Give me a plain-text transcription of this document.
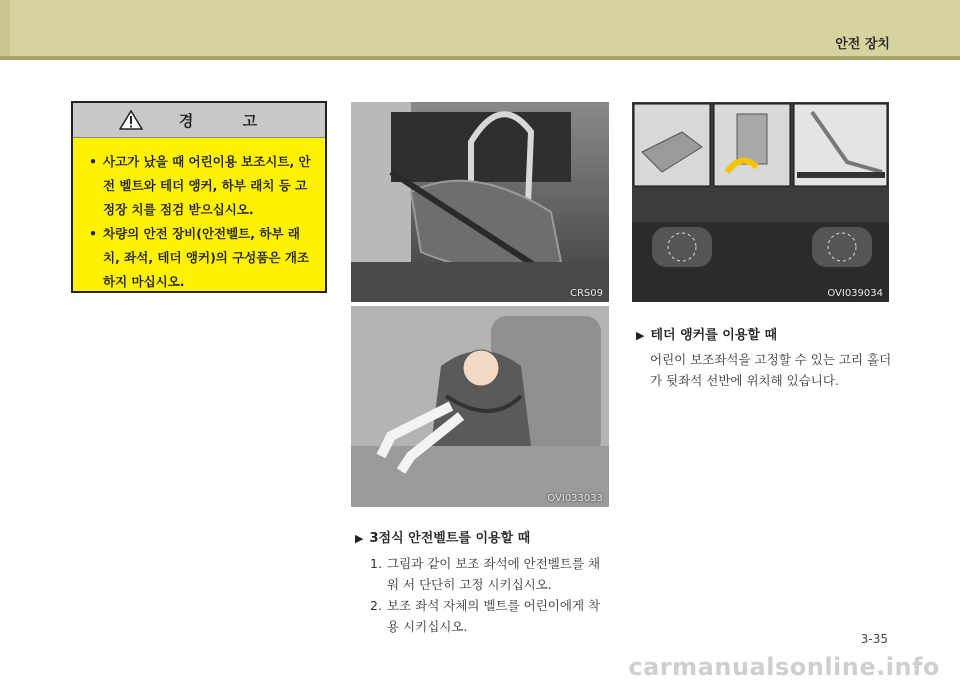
안전 장치
경 고
• 사고가 났을 때 어린이용 보조시트, 안전 벨트와 테더 앵커, 하부 래치 등 고정장 치를 점검 받으십시오.
• 차량의 안전 장비(안전벨트, 하부 래치, 좌석, 테더 앵커)의 구성품은 개조하지 마십시오.
CRS09
OVI033033
OVI039034
▶ 3점식 안전벨트를 이용할 때
1. 그림과 같이 보조 좌석에 안전벨트를 채워 서 단단히 고정 시키십시오.
2. 보조 좌석 자체의 벨트를 어린이에게 착용 시키십시오.
▶ 테더 앵커를 이용할 때
어린이 보조좌석을 고정할 수 있는 고리 홀더가 뒷좌석 선반에 위치해 있습니다.
3-35
carmanualsonline.info
